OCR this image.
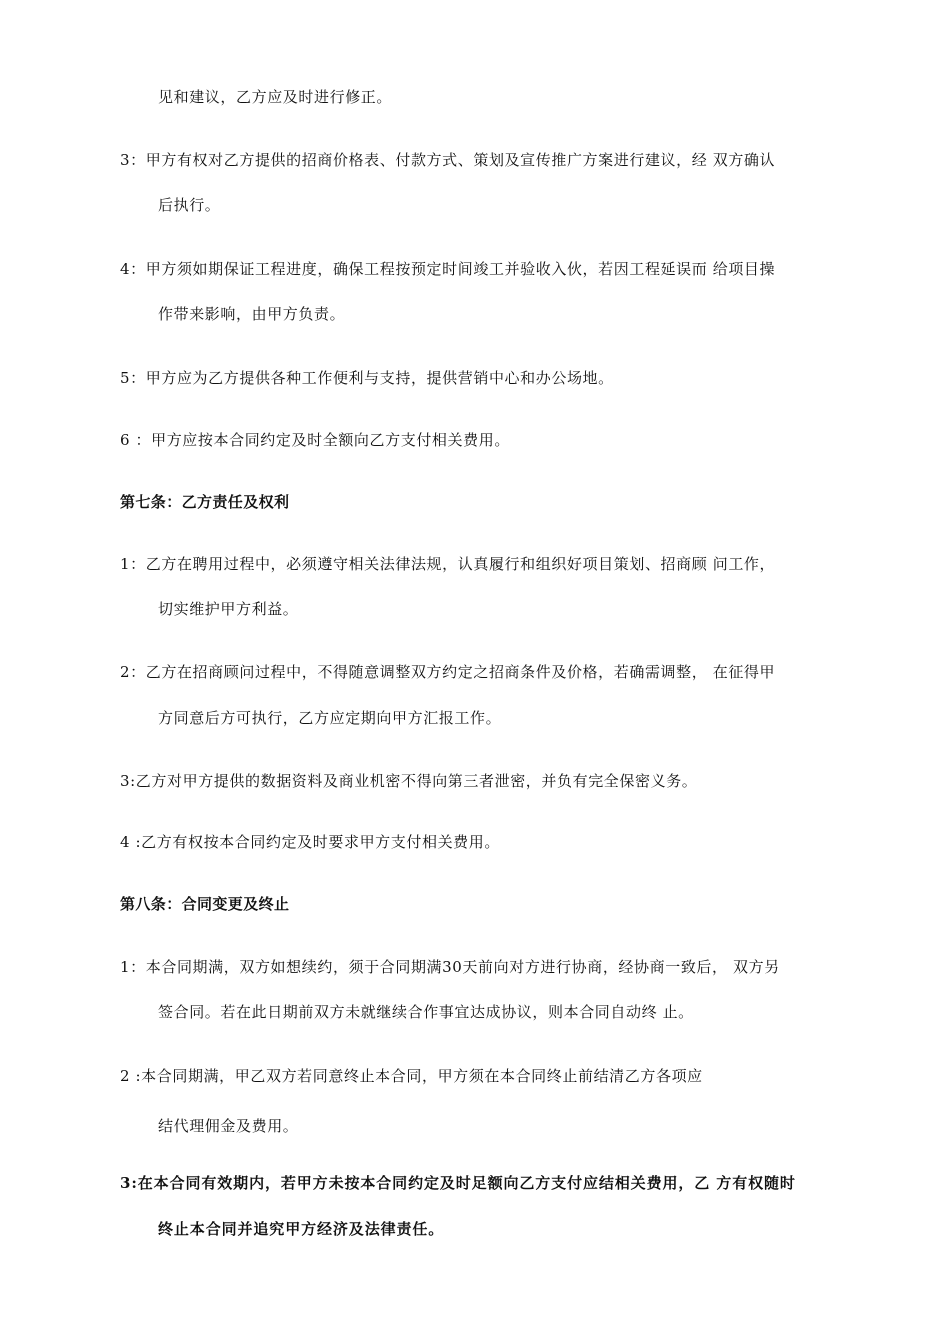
见和建议，乙方应及时进行修正。
3：甲方有权对乙方提供的招商价格表、付款方式、策划及宣传推广方案进行建议，经 双方确认
后执行。
4：甲方须如期保证工程进度，确保工程按预定时间竣工并验收入伙，若因工程延误而 给项目操
作带来影响，由甲方负责。
5：甲方应为乙方提供各种工作便利与支持，提供营销中心和办公场地。
6 ：甲方应按本合同约定及时全额向乙方支付相关费用。
第七条：乙方责任及权利
1：乙方在聘用过程中，必须遵守相关法律法规，认真履行和组织好项目策划、招商顾 问工作，
切实维护甲方利益。
2：乙方在招商顾问过程中，不得随意调整双方约定之招商条件及价格，若确需调整， 在征得甲
方同意后方可执行，乙方应定期向甲方汇报工作。
3:乙方对甲方提供的数据资料及商业机密不得向第三者泄密，并负有完全保密义务。
4 :乙方有权按本合同约定及时要求甲方支付相关费用。
第八条：合同变更及终止
1：本合同期满，双方如想续约，须于合同期满30天前向对方进行协商，经协商一致后， 双方另
签合同。若在此日期前双方未就继续合作事宜达成协议，则本合同自动终 止。
2 :本合同期满，甲乙双方若同意终止本合同，甲方须在本合同终止前结清乙方各项应
结代理佣金及费用。
3:在本合同有效期内，若甲方未按本合同约定及时足额向乙方支付应结相关费用，乙 方有权随时
终止本合同并追究甲方经济及法律责任。
